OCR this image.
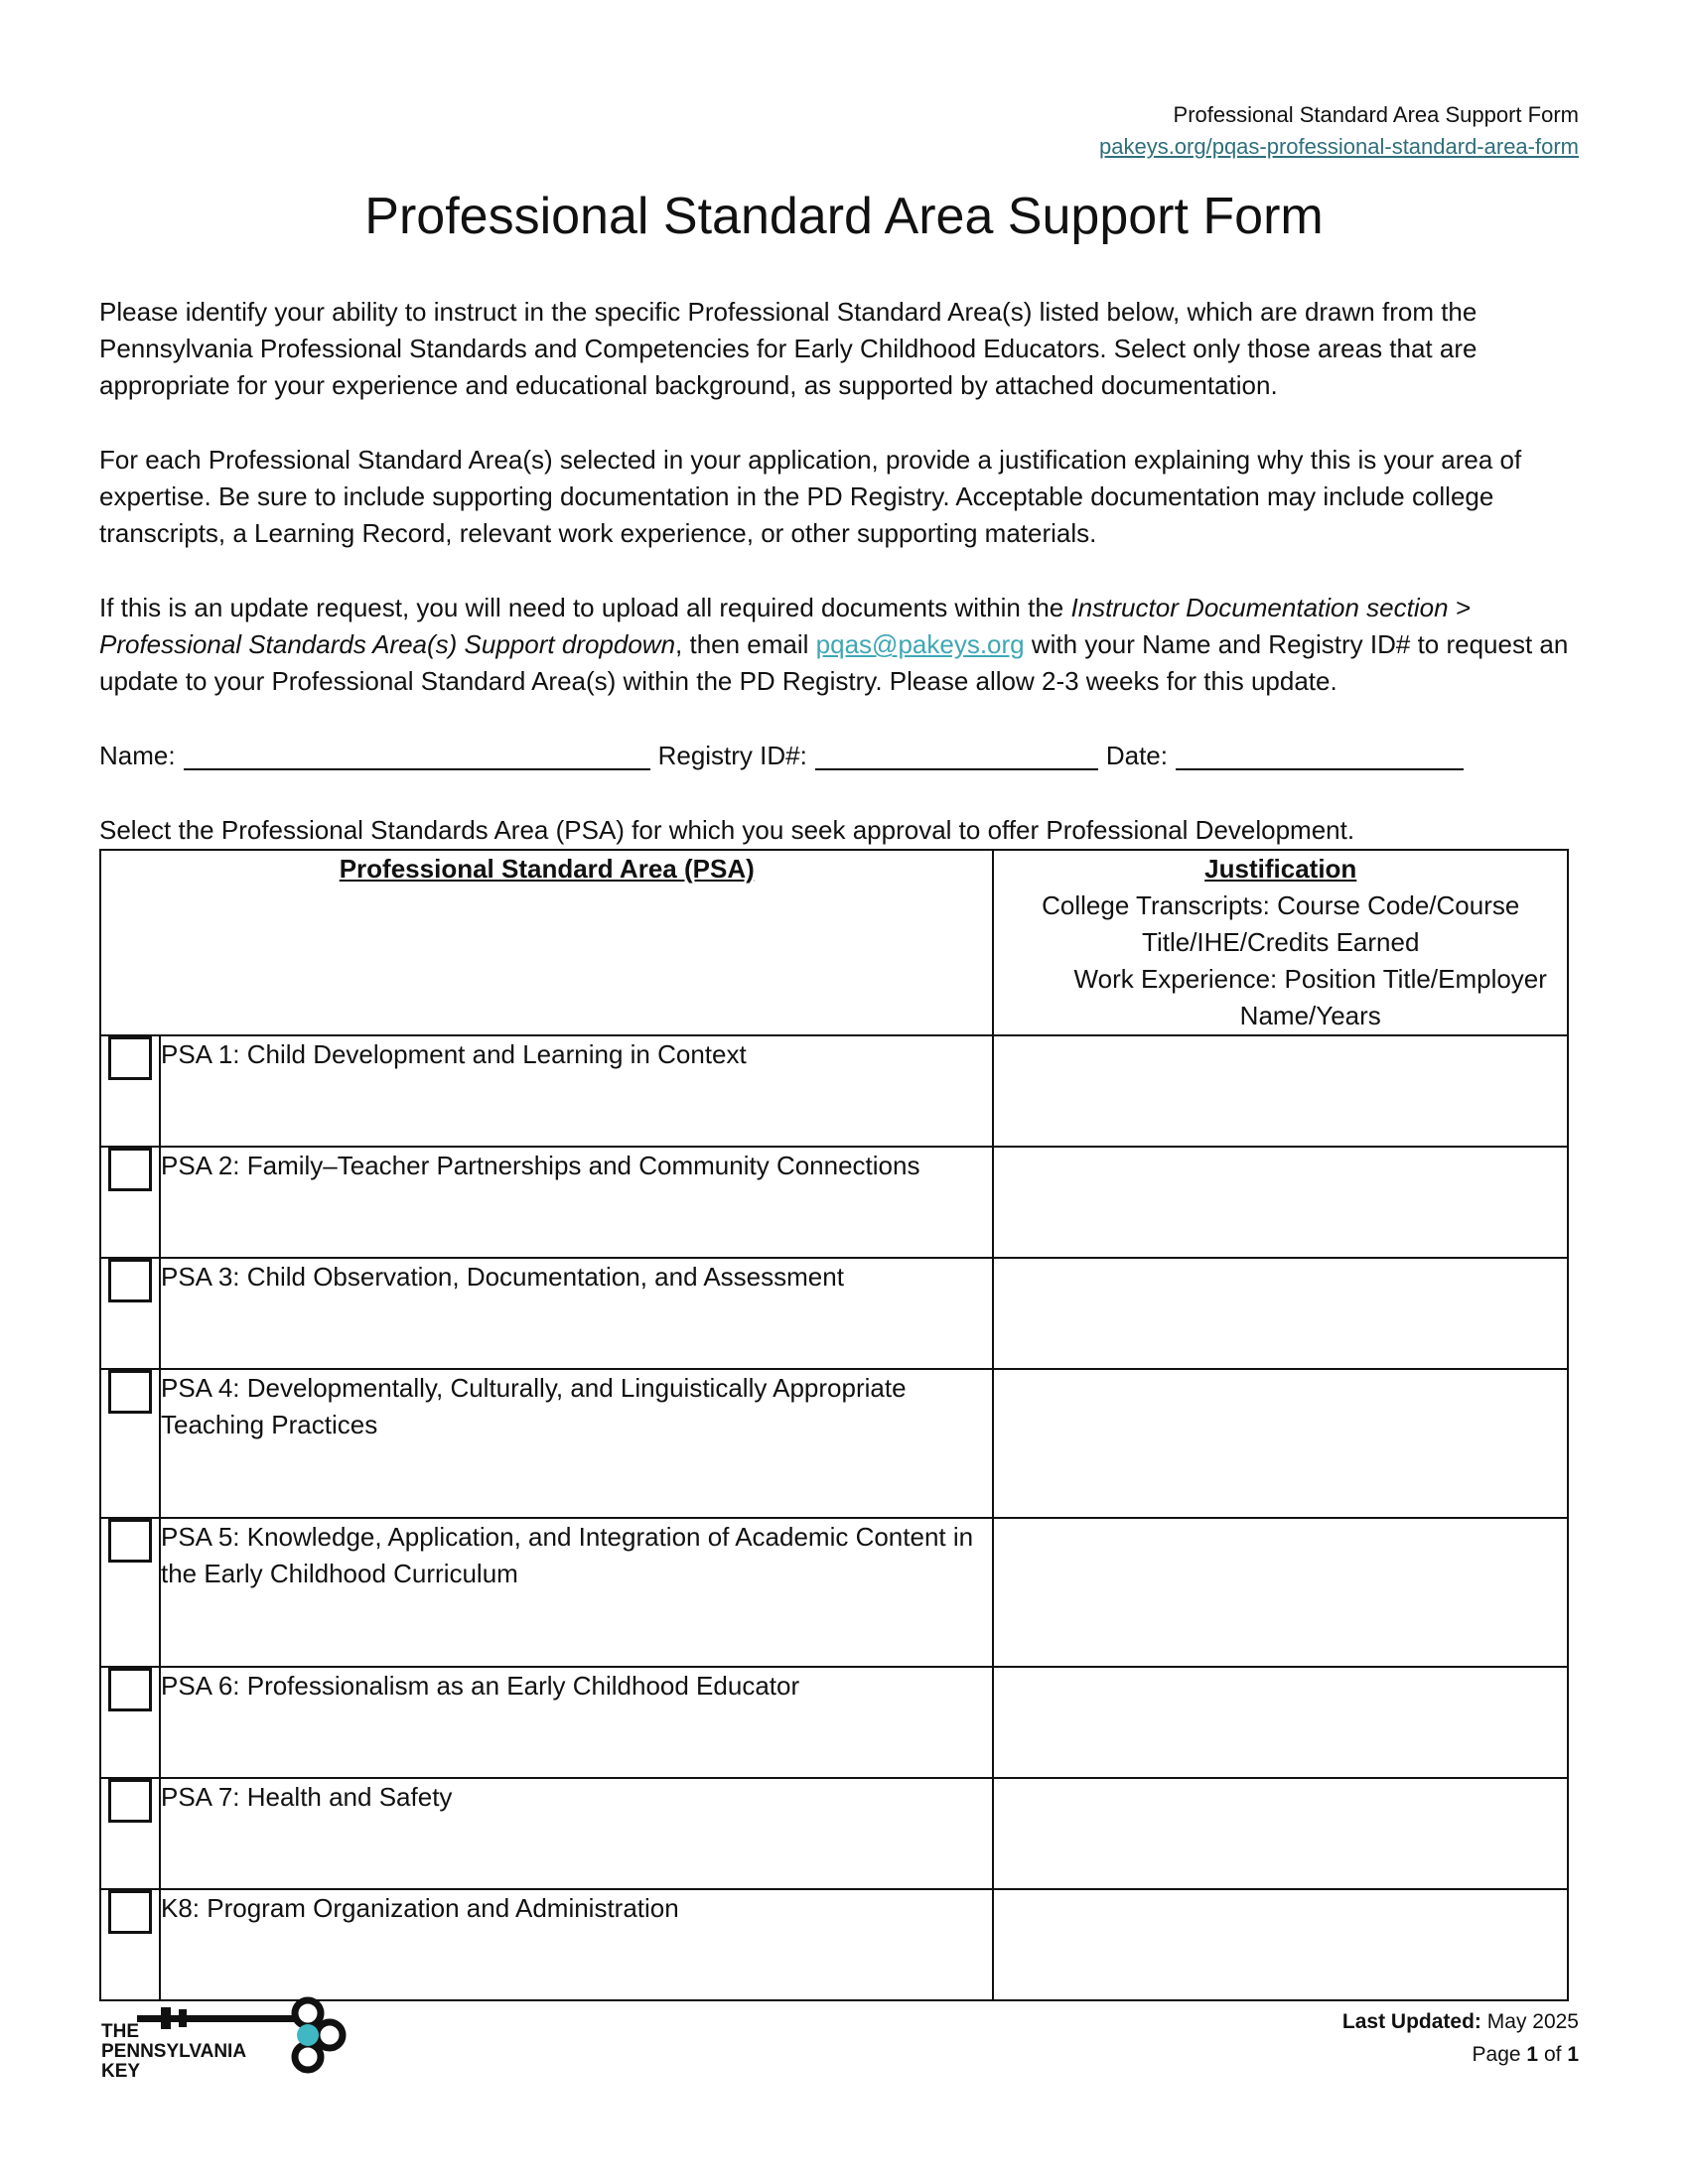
Professional Standard Area Support Form
pakeys.org/pqas-professional-standard-area-form
Professional Standard Area Support Form

Please identify your ability to instruct in the specific Professional Standard Area(s) listed below, which are drawn from the Pennsylvania Professional Standards and Competencies for Early Childhood Educators. Select only those areas that are appropriate for your experience and educational background, as supported by attached documentation.

For each Professional Standard Area(s) selected in your application, provide a justification explaining why this is your area of expertise. Be sure to include supporting documentation in the PD Registry. Acceptable documentation may include college transcripts, a Learning Record, relevant work experience, or other supporting materials.

If this is an update request, you will need to upload all required documents within the Instructor Documentation section > Professional Standards Area(s) Support dropdown, then email pqas@pakeys.org with your Name and Registry ID# to request an update to your Professional Standard Area(s) within the PD Registry. Please allow 2-3 weeks for this update.

Name:	Registry ID#:	Date:

Select the Professional Standards Area (PSA) for which you seek approval to offer Professional Development.

Professional Standard Area (PSA)		Justification
College Transcripts: Course Code/Course Title/IHE/Credits Earned
Work Experience: Position Title/Employer Name/Years

	PSA 1: Child Development and Learning in Context	
	PSA 2: Family–Teacher Partnerships and Community Connections	
	PSA 3: Child Observation, Documentation, and Assessment	
	PSA 4: Developmentally, Culturally, and Linguistically Appropriate Teaching Practices	
	PSA 5: Knowledge, Application, and Integration of Academic Content in the Early Childhood Curriculum	
	PSA 6: Professionalism as an Early Childhood Educator	
	PSA 7: Health and Safety	
	K8: Program Organization and Administration	
THE
PENNSYLVANIA
KEY
Last Updated: May 2025
Page 1 of 1
